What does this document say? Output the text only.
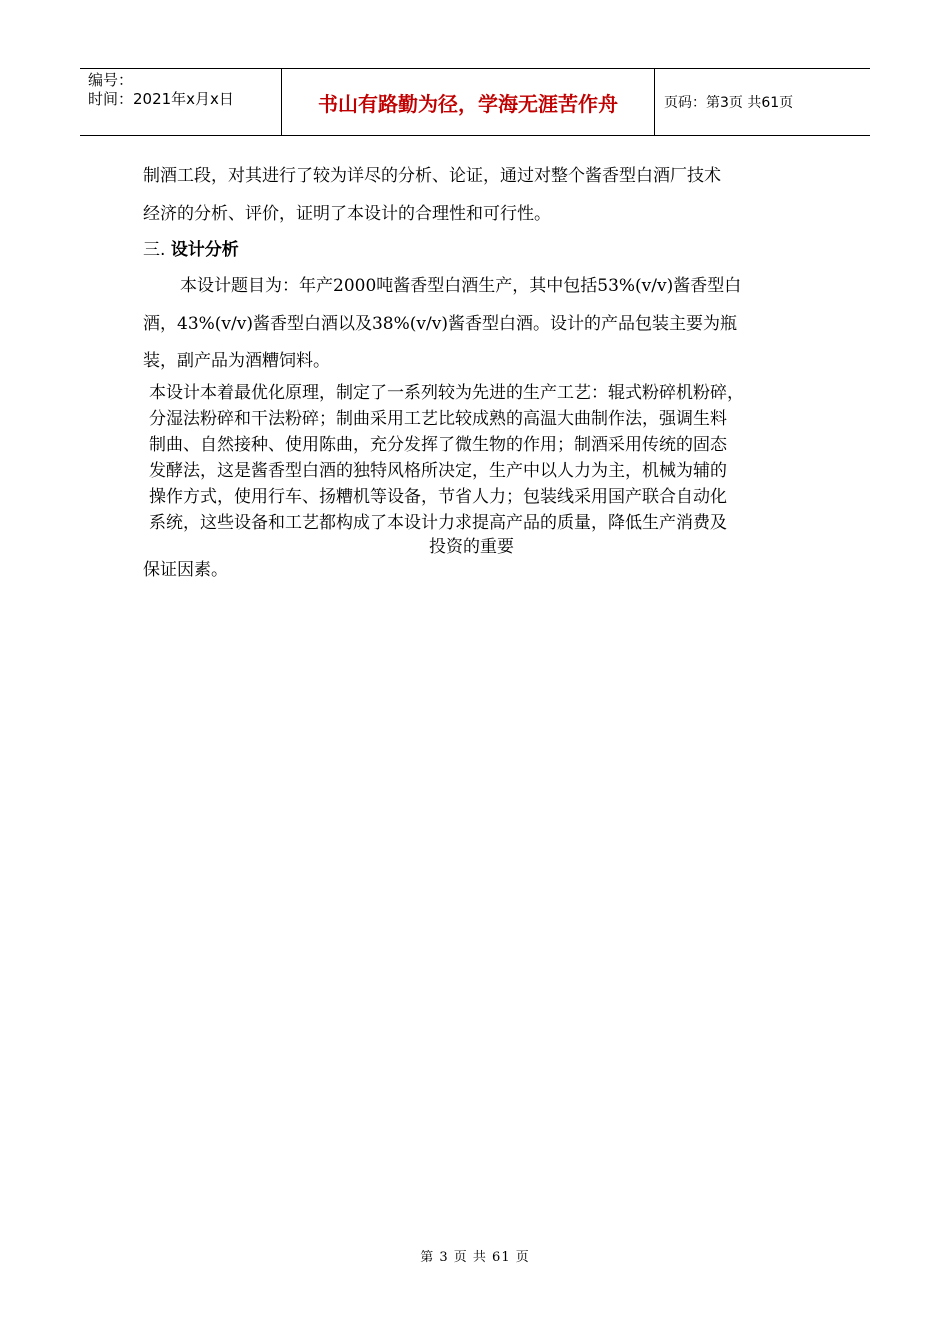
编号：
时间：2021年x月x日	书山有路勤为径，学海无涯苦作舟	页码：第3页 共61页
制酒工段，对其进行了较为详尽的分析、论证，通过对整个酱香型白酒厂技术
经济的分析、评价，证明了本设计的合理性和可行性。
三. 设计分析
本设计题目为：年产2000吨酱香型白酒生产，其中包括53%(v/v)酱香型白
酒，43%(v/v)酱香型白酒以及38%(v/v)酱香型白酒。设计的产品包装主要为瓶
装，副产品为酒糟饲料。
本设计本着最优化原理，制定了一系列较为先进的生产工艺：辊式粉碎机粉碎，
分湿法粉碎和干法粉碎；制曲采用工艺比较成熟的高温大曲制作法，强调生料
制曲、自然接种、使用陈曲，充分发挥了微生物的作用；制酒采用传统的固态
发酵法，这是酱香型白酒的独特风格所决定，生产中以人力为主，机械为辅的
操作方式，使用行车、扬糟机等设备，节省人力；包装线采用国产联合自动化
系统，这些设备和工艺都构成了本设计力求提高产品的质量，降低生产消费及
投资的重要
保证因素。
第 3 页 共 61 页
